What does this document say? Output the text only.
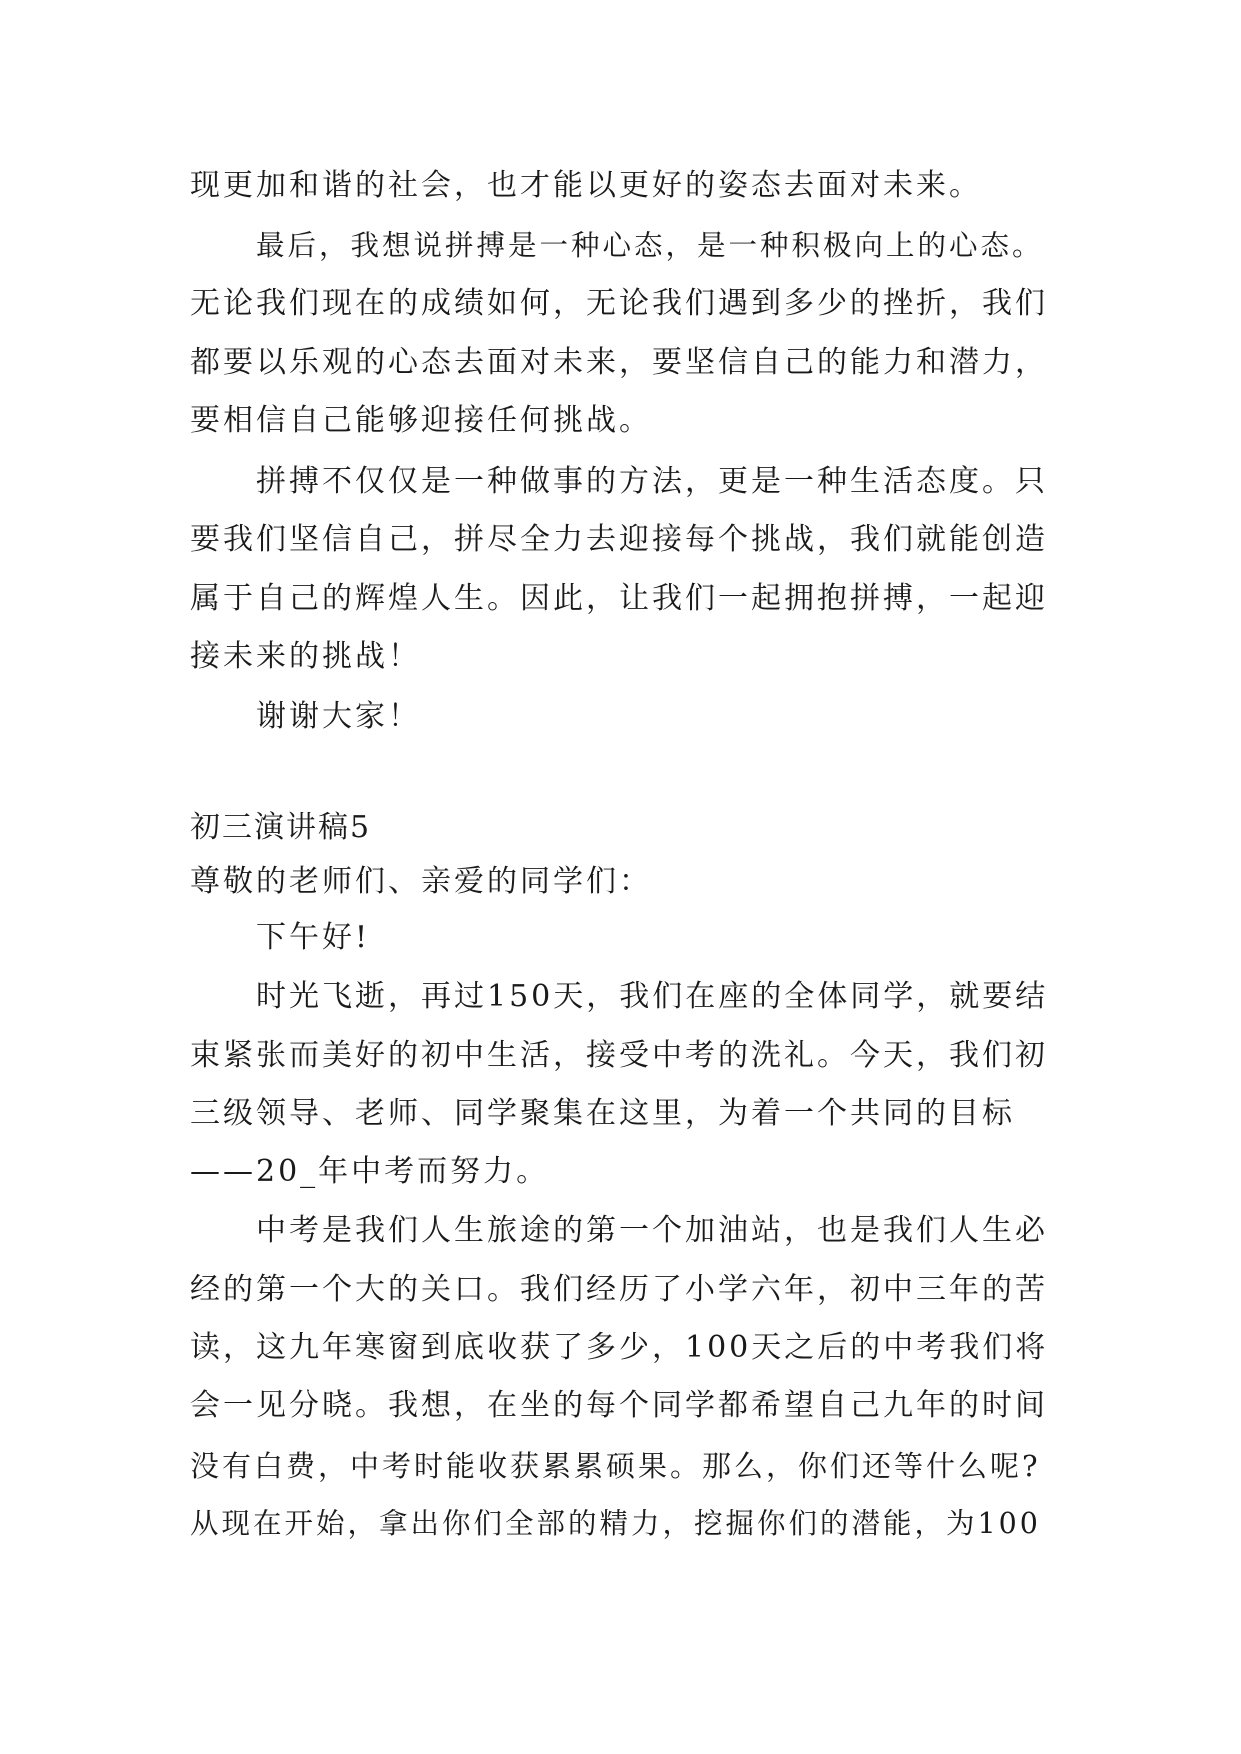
现更加和谐的社会，也才能以更好的姿态去面对未来。
最后，我想说拼搏是一种心态，是一种积极向上的心态。
无论我们现在的成绩如何，无论我们遇到多少的挫折，我们
都要以乐观的心态去面对未来，要坚信自己的能力和潜力，
要相信自己能够迎接任何挑战。
拼搏不仅仅是一种做事的方法，更是一种生活态度。只
要我们坚信自己，拼尽全力去迎接每个挑战，我们就能创造
属于自己的辉煌人生。因此，让我们一起拥抱拼搏，一起迎
接未来的挑战！
谢谢大家！
初三演讲稿5
尊敬的老师们、亲爱的同学们：
下午好!
时光飞逝，再过150天，我们在座的全体同学，就要结
束紧张而美好的初中生活，接受中考的洗礼。今天，我们初
三级领导、老师、同学聚集在这里，为着一个共同的目标
——20_年中考而努力。
中考是我们人生旅途的第一个加油站，也是我们人生必
经的第一个大的关口。我们经历了小学六年，初中三年的苦
读，这九年寒窗到底收获了多少，100天之后的中考我们将
会一见分晓。我想，在坐的每个同学都希望自己九年的时间
没有白费，中考时能收获累累硕果。那么，你们还等什么呢?
从现在开始，拿出你们全部的精力，挖掘你们的潜能，为100
